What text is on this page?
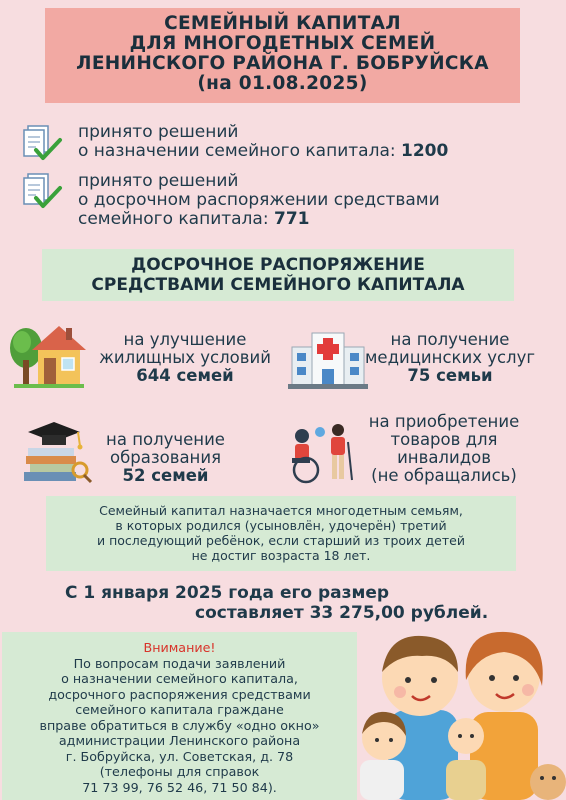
СЕМЕЙНЫЙ КАПИТАЛ
ДЛЯ МНОГОДЕТНЫХ СЕМЕЙ
ЛЕНИНСКОГО РАЙОНА Г. БОБРУЙСКА
(на 01.08.2025)
принято решений
о назначении семейного капитала: 1200
принято решений
о досрочном распоряжении средствами
семейного капитала: 771
ДОСРОЧНОЕ РАСПОРЯЖЕНИЕ
СРЕДСТВАМИ СЕМЕЙНОГО КАПИТАЛА
на улучшение
жилищных условий
644 семей
на получение
медицинских услуг
75 семьи
на получение
образования
52 семей
на приобретение
товаров для
инвалидов
(не обращались)
Семейный капитал назначается многодетным семьям,
в которых родился (усыновлён, удочерён) третий
и последующий ребёнок, если старший из троих детей
не достиг возраста 18 лет.
С 1 января 2025 года его размер
составляет 33 275,00 рублей.
Внимание!
По вопросам подачи заявлений
о назначении семейного капитала,
досрочного распоряжения средствами
семейного капитала граждане
вправе обратиться в службу «одно окно»
администрации Ленинского района
г. Бобруйска, ул. Советская, д. 78
(телефоны для справок
71 73 99, 76 52 46, 71 50 84).
